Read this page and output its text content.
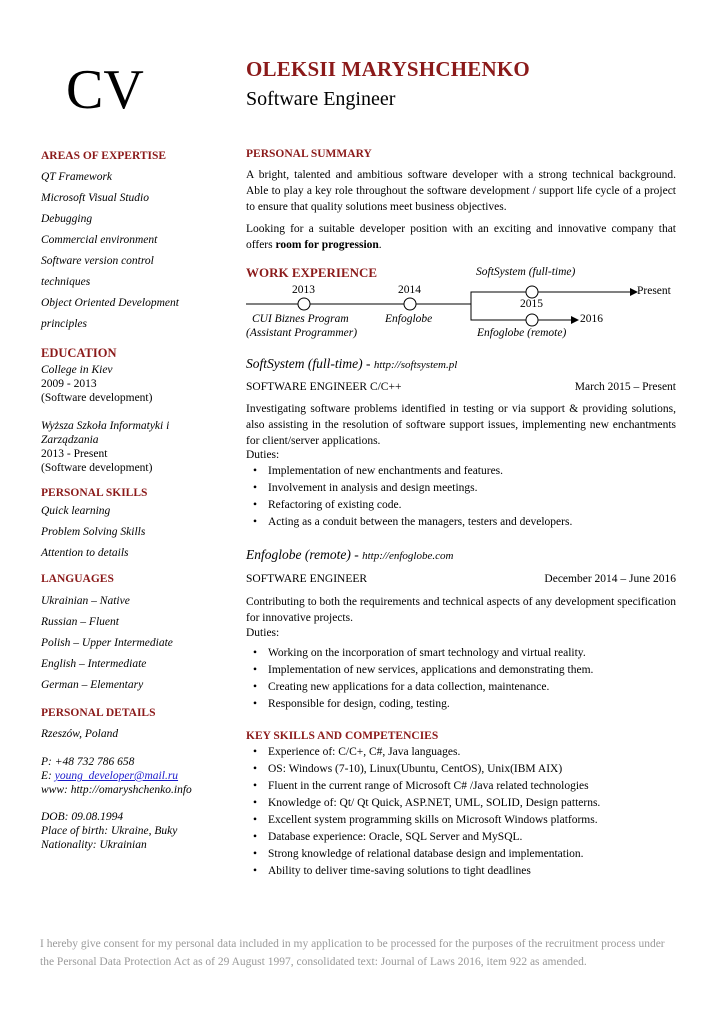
CV	OLEKSII MARYSHCHENKO
Software Engineer
AREAS OF EXPERTISE
QT Framework
Microsoft Visual Studio
Debugging
Commercial environment
Software version control
techniques
Object Oriented Development
principles
EDUCATION
College in Kiev
2009 - 2013
(Software development)
Wyższa Szkoła Informatyki i
Zarządzania
2013 - Present
(Software development)
PERSONAL SKILLS
Quick learning
Problem Solving Skills
Attention to details
LANGUAGES
Ukrainian – Native
Russian – Fluent
Polish – Upper Intermediate
English – Intermediate
German – Elementary
PERSONAL DETAILS
Rzeszów, Poland
P: +48 732 786 658
E: young_developer@mail.ru
www: http://omaryshchenko.info
DOB: 09.08.1994
Place of birth: Ukraine, Buky
Nationality: Ukrainian
PERSONAL SUMMARY
A bright, talented and ambitious software developer with a strong technical background. Able to play a key role throughout the software development / support life cycle of a project to ensure that quality solutions meet business objectives.
Looking for a suitable developer position with an exciting and innovative company that offers room for progression.
WORK EXPERIENCE	SoftSystem (full-time)
2013	2014	Present
2015
2016
CUI Biznes Program
(Assistant Programmer)
Enfoglobe
Enfoglobe (remote)
SoftSystem (full-time) - http://softsystem.pl
SOFTWARE ENGINEER C/C++	March 2015 – Present
Investigating software problems identified in testing or via support & providing solutions, also assisting in the resolution of software support issues, implementing new enchantments for client/server applications.
Duties:
• Implementation of new enchantments and features.
• Involvement in analysis and design meetings.
• Refactoring of existing code.
• Acting as a conduit between the managers, testers and developers.
Enfoglobe (remote) - http://enfoglobe.com
SOFTWARE ENGINEER	December 2014 – June 2016
Contributing to both the requirements and technical aspects of any development specification for innovative projects.
Duties:
• Working on the incorporation of smart technology and virtual reality.
• Implementation of new services, applications and demonstrating them.
• Creating new applications for a data collection, maintenance.
• Responsible for design, coding, testing.
KEY SKILLS AND COMPETENCIES
• Experience of: C/C+, C#, Java languages.
• OS: Windows (7-10), Linux(Ubuntu, CentOS), Unix(IBM AIX)
• Fluent in the current range of Microsoft C# /Java related technologies
• Knowledge of: Qt/ Qt Quick, ASP.NET, UML, SOLID, Design patterns.
• Excellent system programming skills on Microsoft Windows platforms.
• Database experience: Oracle, SQL Server and MySQL.
• Strong knowledge of relational database design and implementation.
• Ability to deliver time-saving solutions to tight deadlines
I hereby give consent for my personal data included in my application to be processed for the purposes of the recruitment process under the Personal Data Protection Act as of 29 August 1997, consolidated text: Journal of Laws 2016, item 922 as amended.
